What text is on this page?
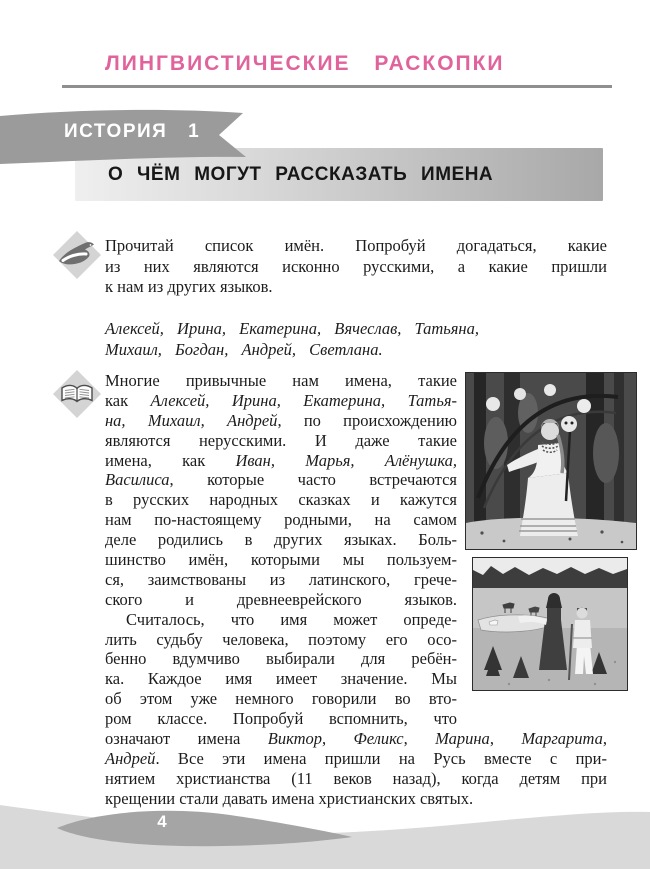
ЛИНГВИСТИЧЕСКИЕ РАСКОПКИ
О ЧЁМ МОГУТ РАССКАЗАТЬ ИМЕНА
ИСТОРИЯ 1
Прочитай список имён. Попробуй догадаться, какие
из них являются исконно русскими, а какие пришли
к нам из других языков.
Алексей, Ирина, Екатерина, Вячеслав, Татьяна,
Михаил, Богдан, Андрей, Светлана.
Многие привычные нам имена, такие
как Алексей, Ирина, Екатерина, Татья-
на, Михаил, Андрей, по происхождению
являются нерусскими. И даже такие
имена, как Иван, Марья, Алёнушка,
Василиса, которые часто встречаются
в русских народных сказках и кажутся
нам по-настоящему родными, на самом
деле родились в других языках. Боль-
шинство имён, которыми мы пользуем-
ся, заимствованы из латинского, грече-
ского и древнееврейского языков.
Считалось, что имя может опреде-
лить судьбу человека, поэтому его осо-
бенно вдумчиво выбирали для ребён-
ка. Каждое имя имеет значение. Мы
об этом уже немного говорили во вто-
ром классе. Попробуй вспомнить, что
означают имена Виктор, Феликс, Марина, Маргарита,
Андрей. Все эти имена пришли на Русь вместе с при-
нятием христианства (11 веков назад), когда детям при
крещении стали давать имена христианских святых.
4
